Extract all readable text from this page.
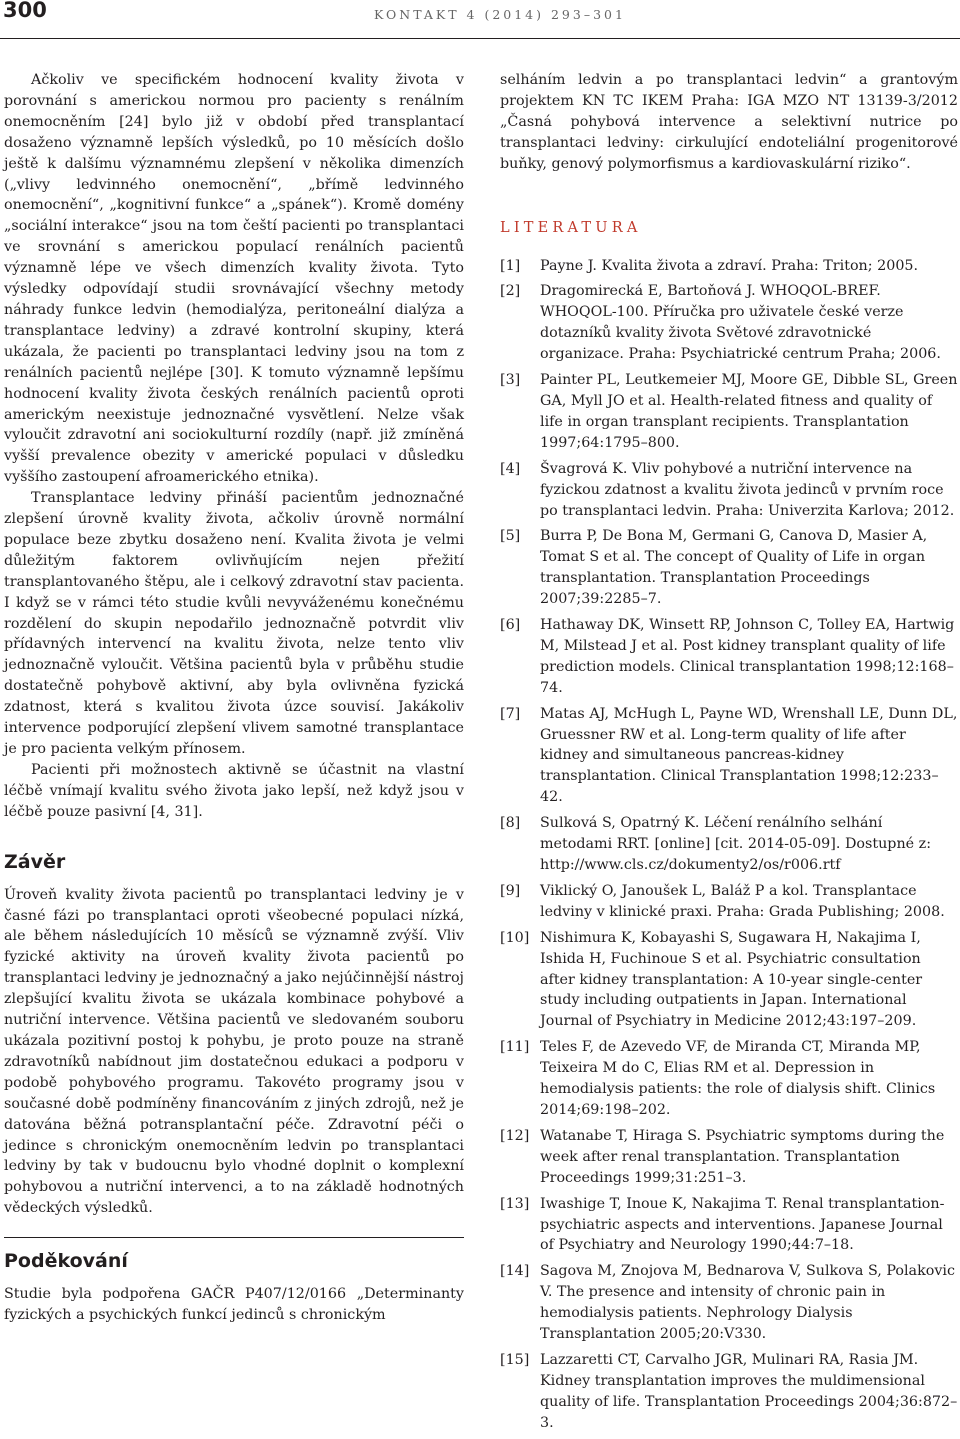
300	KONTAKT 4 (2014) 293–301

Ačkoliv ve specifickém hodnocení kvality života v porovnání s americkou normou pro pacienty s renálním onemocněním [24] bylo již v období před transplantací dosaženo významně lepších výsledků, po 10 měsících došlo ještě k dalšímu významnému zlepšení v několika dimenzích („vlivy ledvinného onemocnění“, „břímě ledvinného onemocnění“, „kognitivní funkce“ a „spánek“). Kromě domény „sociální interakce“ jsou na tom čeští pacienti po transplantaci ve srovnání s americkou populací renálních pacientů významně lépe ve všech dimenzích kvality života. Tyto výsledky odpovídají studii srovnávající všechny metody náhrady funkce ledvin (hemodialýza, peritoneální dialýza a transplantace ledviny) a zdravé kontrolní skupiny, která ukázala, že pacienti po transplantaci ledviny jsou na tom z renálních pacientů nejlépe [30]. K tomuto významně lepšímu hodnocení kvality života českých renálních pacientů oproti americkým neexistuje jednoznačné vysvětlení. Nelze však vyloučit zdravotní ani sociokulturní rozdíly (např. již zmíněná vyšší prevalence obezity v americké populaci v důsledku vyššího zastoupení afroamerického etnika).

Transplantace ledviny přináší pacientům jednoznačné zlepšení úrovně kvality života, ačkoliv úrovně normální populace beze zbytku dosaženo není. Kvalita života je velmi důležitým faktorem ovlivňujícím nejen přežití transplantovaného štěpu, ale i celkový zdravotní stav pacienta. I když se v rámci této studie kvůli nevyváženému konečnému rozdělení do skupin nepodařilo jednoznačně potvrdit vliv přídavných intervencí na kvalitu života, nelze tento vliv jednoznačně vyloučit. Většina pacientů byla v průběhu studie dostatečně pohybově aktivní, aby byla ovlivněna fyzická zdatnost, která s kvalitou života úzce souvisí. Jakákoliv intervence podporující zlepšení vlivem samotné transplantace je pro pacienta velkým přínosem.

Pacienti při možnostech aktivně se účastnit na vlastní léčbě vnímají kvalitu svého života jako lepší, než když jsou v léčbě pouze pasivní [4, 31].

Závěr

Úroveň kvality života pacientů po transplantaci ledviny je v časné fázi po transplantaci oproti všeobecné populaci nízká, ale během následujících 10 měsíců se významně zvýší. Vliv fyzické aktivity na úroveň kvality života pacientů po transplantaci ledviny je jednoznačný a jako nejúčinnější nástroj zlepšující kvalitu života se ukázala kombinace pohybové a nutriční intervence. Většina pacientů ve sledovaném souboru ukázala pozitivní postoj k pohybu, je proto pouze na straně zdravotníků nabídnout jim dostatečnou edukaci a podporu v podobě pohybového programu. Takovéto programy jsou v současné době podmíněny financováním z jiných zdrojů, než je datována běžná potransplantační péče. Zdravotní péči o jedince s chronickým onemocněním ledvin po transplantaci ledviny by tak v budoucnu bylo vhodné doplnit o komplexní pohybovou a nutriční intervenci, a to na základě hodnotných vědeckých výsledků.

Poděkování

Studie byla podpořena GAČR P407/12/0166 „Determinanty fyzických a psychických funkcí jedinců s chronickým

selháním ledvin a po transplantaci ledvin“ a grantovým projektem KN TC IKEM Praha: IGA MZO NT 13139-3/2012 „Časná pohybová intervence a selektivní nutrice po transplantaci ledviny: cirkulující endoteliální progenitorové buňky, genový polymorfismus a kardiovaskulární riziko“.

LITERATURA
[1]	Payne J. Kvalita života a zdraví. Praha: Triton; 2005.
[2]	Dragomirecká E, Bartoňová J. WHOQOL-BREF. WHOQOL-100. Příručka pro uživatele české verze dotazníků kvality života Světové zdravotnické organizace. Praha: Psychiatrické centrum Praha; 2006.
[3]	Painter PL, Leutkemeier MJ, Moore GE, Dibble SL, Green GA, Myll JO et al. Health-related fitness and quality of life in organ transplant recipients. Transplantation 1997;64:1795–800.
[4]	Švagrová K. Vliv pohybové a nutriční intervence na fyzickou zdatnost a kvalitu života jedinců v prvním roce po transplantaci ledvin. Praha: Univerzita Karlova; 2012.
[5]	Burra P, De Bona M, Germani G, Canova D, Masier A, Tomat S et al. The concept of Quality of Life in organ transplantation. Transplantation Proceedings 2007;39:2285–7.
[6]	Hathaway DK, Winsett RP, Johnson C, Tolley EA, Hartwig M, Milstead J et al. Post kidney transplant quality of life prediction models. Clinical transplantation 1998;12:168–74.
[7]	Matas AJ, McHugh L, Payne WD, Wrenshall LE, Dunn DL, Gruessner RW et al. Long-term quality of life after kidney and simultaneous pancreas-kidney transplantation. Clinical Transplantation 1998;12:233–42.
[8]	Sulková S, Opatrný K. Léčení renálního selhání metodami RRT. [online] [cit. 2014-05-09]. Dostupné z: http://www.cls.cz/dokumenty2/os/r006.rtf
[9]	Viklický O, Janoušek L, Baláž P a kol. Transplantace ledviny v klinické praxi. Praha: Grada Publishing; 2008.
[10] Nishimura K, Kobayashi S, Sugawara H, Nakajima I, Ishida H, Fuchinoue S et al. Psychiatric consultation after kidney transplantation: A 10-year single-center study including outpatients in Japan. International Journal of Psychiatry in Medicine 2012;43:197–209.
[11] Teles F, de Azevedo VF, de Miranda CT, Miranda MP, Teixeira M do C, Elias RM et al. Depression in hemodialysis patients: the role of dialysis shift. Clinics 2014;69:198–202.
[12] Watanabe T, Hiraga S. Psychiatric symptoms during the week after renal transplantation. Transplantation Proceedings 1999;31:251–3.
[13] Iwashige T, Inoue K, Nakajima T. Renal transplantation-psychiatric aspects and interventions. Japanese Journal of Psychiatry and Neurology 1990;44:7–18.
[14] Sagova M, Znojova M, Bednarova V, Sulkova S, Polakovic V. The presence and intensity of chronic pain in hemodialysis patients. Nephrology Dialysis Transplantation 2005;20:V330.
[15] Lazzaretti CT, Carvalho JGR, Mulinari RA, Rasia JM. Kidney transplantation improves the muldimensional quality of life. Transplantation Proceedings 2004;36:872–3.
